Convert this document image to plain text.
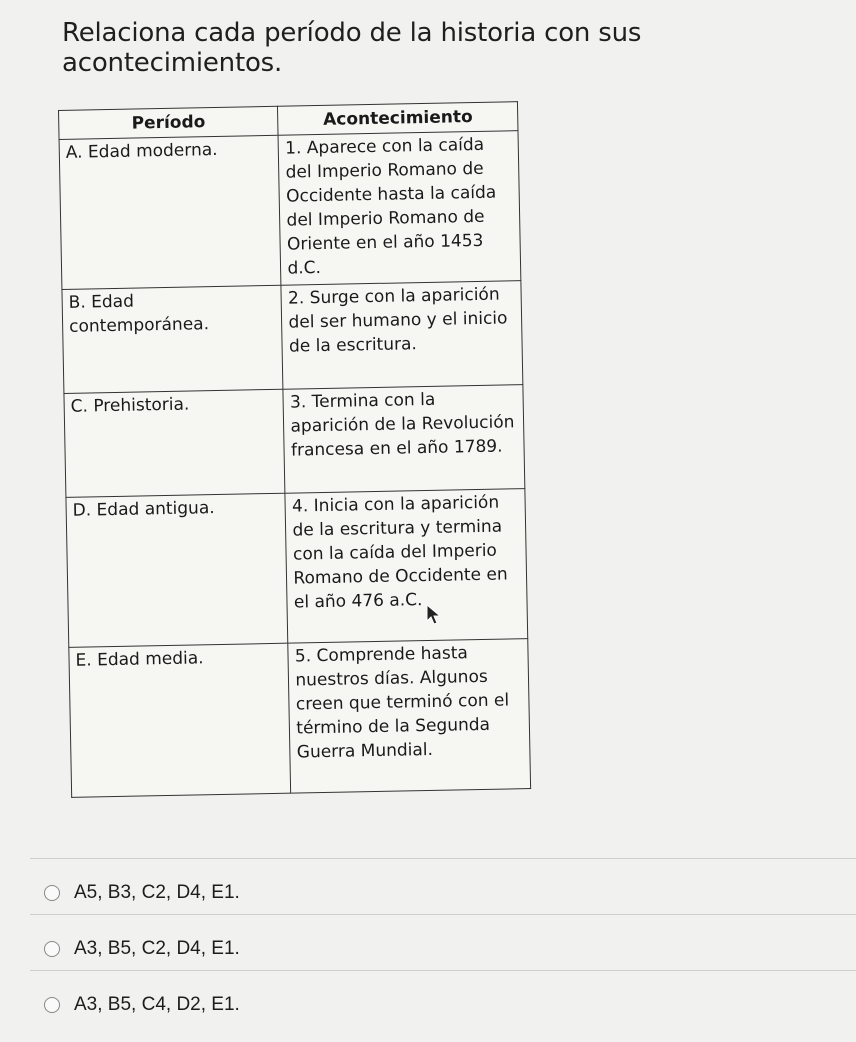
Relaciona cada período de la historia con sus acontecimientos.
Período	Acontecimiento
A. Edad moderna.	1. Aparece con la caída del Imperio Romano de Occidente hasta la caída del Imperio Romano de Oriente en el año 1453 d.C.
B. Edad contemporánea.	2. Surge con la aparición del ser humano y el inicio de la escritura.
C. Prehistoria.	3. Termina con la aparición de la Revolución francesa en el año 1789.
D. Edad antigua.	4. Inicia con la aparición de la escritura y termina con la caída del Imperio Romano de Occidente en el año 476 a.C.
E. Edad media.	5. Comprende hasta nuestros días. Algunos creen que terminó con el término de la Segunda Guerra Mundial.
A5, B3, C2, D4, E1.
A3, B5, C2, D4, E1.
A3, B5, C4, D2, E1.
